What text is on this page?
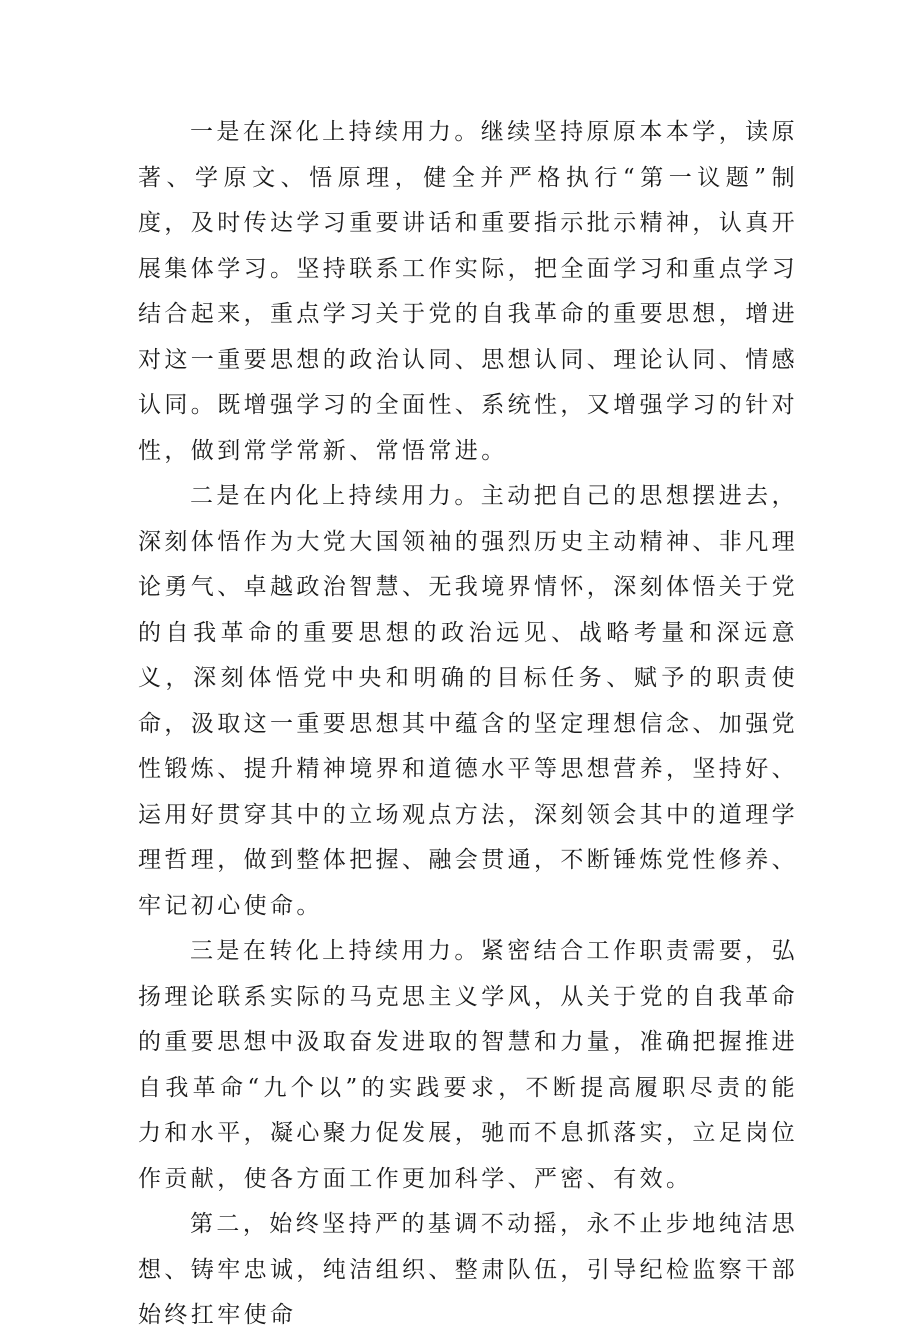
一是在深化上持续用力。继续坚持原原本本学，读原著、学原文、悟原理，健全并严格执行“第一议题”制度，及时传达学习重要讲话和重要指示批示精神，认真开展集体学习。坚持联系工作实际，把全面学习和重点学习结合起来，重点学习关于党的自我革命的重要思想，增进对这一重要思想的政治认同、思想认同、理论认同、情感认同。既增强学习的全面性、系统性，又增强学习的针对性，做到常学常新、常悟常进。

二是在内化上持续用力。主动把自己的思想摆进去，深刻体悟作为大党大国领袖的强烈历史主动精神、非凡理论勇气、卓越政治智慧、无我境界情怀，深刻体悟关于党的自我革命的重要思想的政治远见、战略考量和深远意义，深刻体悟党中央和明确的目标任务、赋予的职责使命，汲取这一重要思想其中蕴含的坚定理想信念、加强党性锻炼、提升精神境界和道德水平等思想营养，坚持好、运用好贯穿其中的立场观点方法，深刻领会其中的道理学理哲理，做到整体把握、融会贯通，不断锤炼党性修养、牢记初心使命。

三是在转化上持续用力。紧密结合工作职责需要，弘扬理论联系实际的马克思主义学风，从关于党的自我革命的重要思想中汲取奋发进取的智慧和力量，准确把握推进自我革命“九个以”的实践要求，不断提高履职尽责的能力和水平，凝心聚力促发展，驰而不息抓落实，立足岗位作贡献，使各方面工作更加科学、严密、有效。

第二，始终坚持严的基调不动摇，永不止步地纯洁思想、铸牢忠诚，纯洁组织、整肃队伍，引导纪检监察干部始终扛牢使命
